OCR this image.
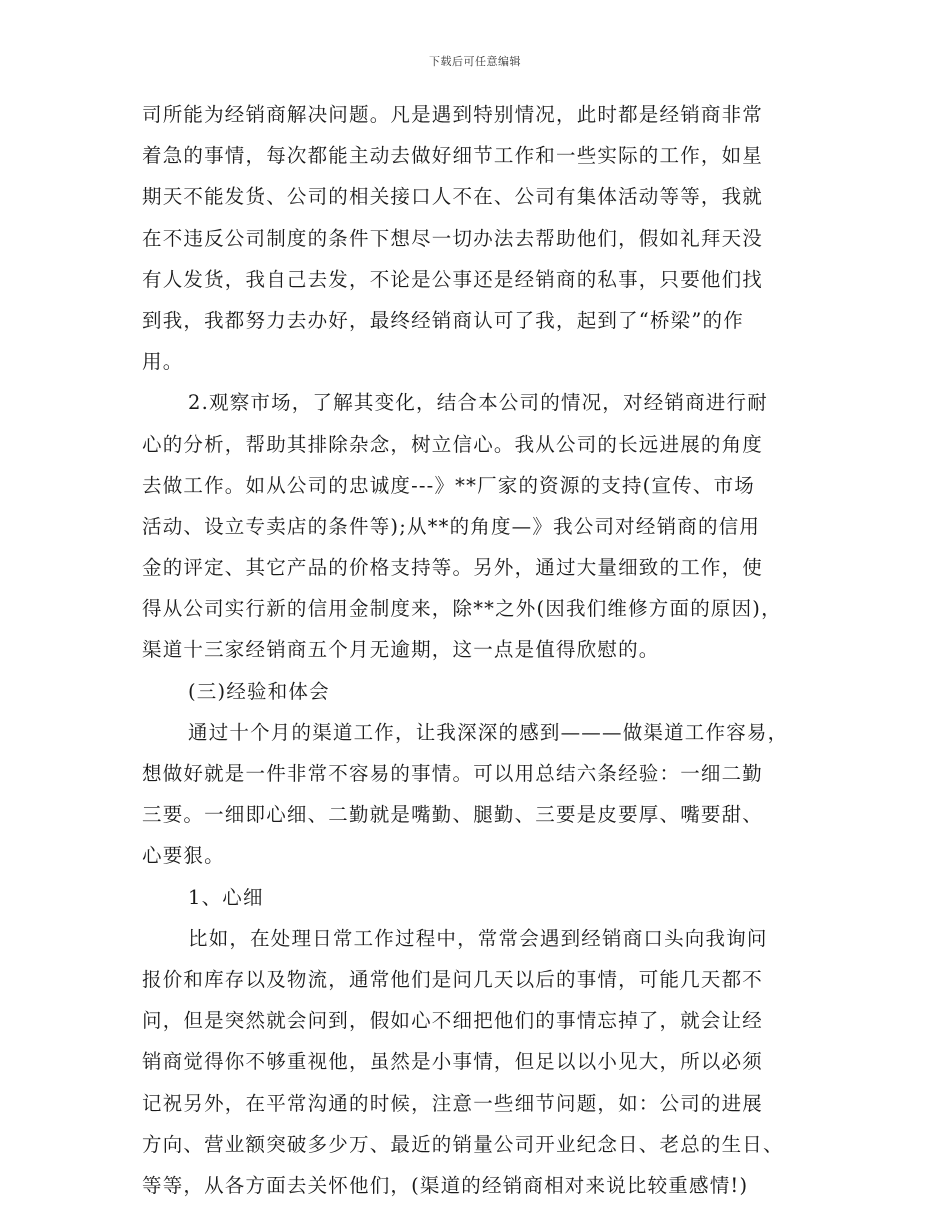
下载后可任意编辑
司所能为经销商解决问题。凡是遇到特别情况，此时都是经销商非常
着急的事情，每次都能主动去做好细节工作和一些实际的工作，如星
期天不能发货、公司的相关接口人不在、公司有集体活动等等，我就
在不违反公司制度的条件下想尽一切办法去帮助他们，假如礼拜天没
有人发货，我自己去发，不论是公事还是经销商的私事，只要他们找
到我，我都努力去办好，最终经销商认可了我，起到了“桥梁”的作
用。
2.观察市场，了解其变化，结合本公司的情况，对经销商进行耐
心的分析，帮助其排除杂念，树立信心。我从公司的长远进展的角度
去做工作。如从公司的忠诚度---》**厂家的资源的支持(宣传、市场
活动、设立专卖店的条件等);从**的角度—》我公司对经销商的信用
金的评定、其它产品的价格支持等。另外，通过大量细致的工作，使
得从公司实行新的信用金制度来，除**之外(因我们维修方面的原因)，
渠道十三家经销商五个月无逾期，这一点是值得欣慰的。
(三)经验和体会
通过十个月的渠道工作，让我深深的感到———做渠道工作容易，
想做好就是一件非常不容易的事情。可以用总结六条经验：一细二勤
三要。一细即心细、二勤就是嘴勤、腿勤、三要是皮要厚、嘴要甜、
心要狠。
1、心细
比如，在处理日常工作过程中，常常会遇到经销商口头向我询问
报价和库存以及物流，通常他们是问几天以后的事情，可能几天都不
问，但是突然就会问到，假如心不细把他们的事情忘掉了，就会让经
销商觉得你不够重视他，虽然是小事情，但足以以小见大，所以必须
记祝另外，在平常沟通的时候，注意一些细节问题，如：公司的进展
方向、营业额突破多少万、最近的销量公司开业纪念日、老总的生日、
等等，从各方面去关怀他们，(渠道的经销商相对来说比较重感情!)
